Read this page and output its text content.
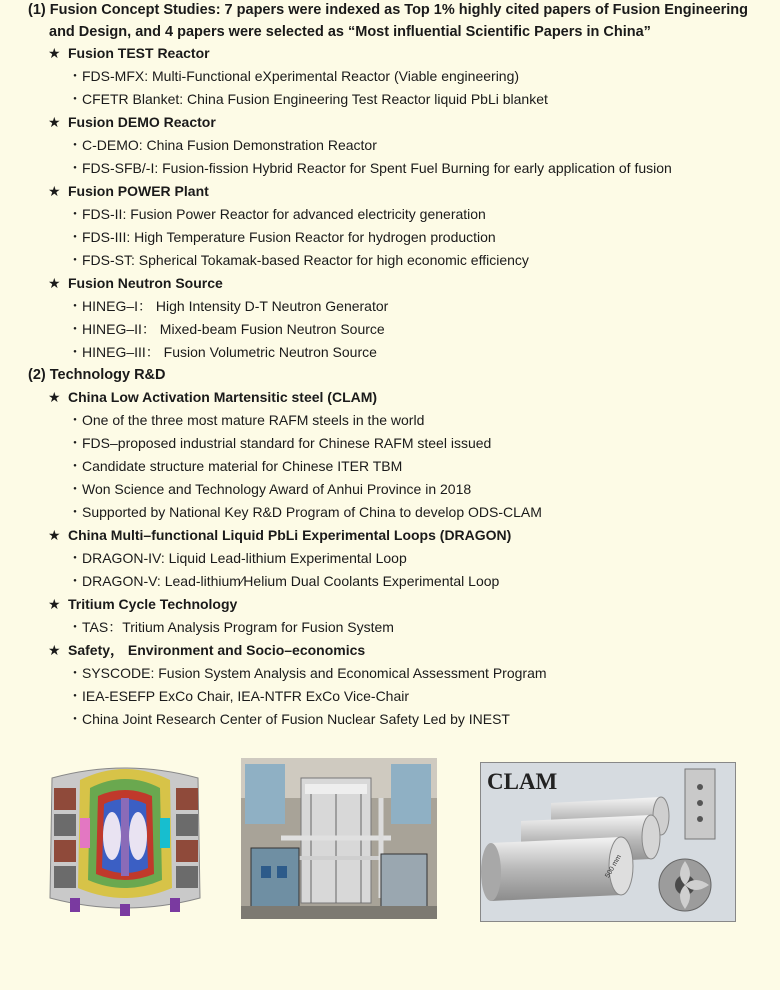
(1) Fusion Concept Studies: 7 papers were indexed as Top 1% highly cited papers of Fusion Engineering
and Design, and 4 papers were selected as “Most influential Scientific Papers in China”
★ Fusion TEST Reactor
・FDS-MFX: Multi-Functional eXperimental Reactor (Viable engineering)
・CFETR Blanket: China Fusion Engineering Test Reactor liquid PbLi blanket
★ Fusion DEMO Reactor
・C-DEMO: China Fusion Demonstration Reactor
・FDS-SFB/-I: Fusion-fission Hybrid Reactor for Spent Fuel Burning for early application of fusion
★ Fusion POWER Plant
・FDS-II: Fusion Power Reactor for advanced electricity generation
・FDS-III: High Temperature Fusion Reactor for hydrogen production
・FDS-ST: Spherical Tokamak-based Reactor for high economic efficiency
★ Fusion Neutron Source
・HINEG–I： High Intensity D-T Neutron Generator
・HINEG–II： Mixed-beam Fusion Neutron Source
・HINEG–III： Fusion Volumetric Neutron Source
(2) Technology R&D
★ China Low Activation Martensitic steel (CLAM)
・One of the three most mature RAFM steels in the world
・FDS–proposed industrial standard for Chinese RAFM steel issued
・Candidate structure material for Chinese ITER TBM
・Won Science and Technology Award of Anhui Province in 2018
・Supported by National Key R&D Program of China to develop ODS-CLAM
★ China Multi–functional Liquid PbLi Experimental Loops (DRAGON)
・DRAGON-IV: Liquid Lead-lithium Experimental Loop
・DRAGON-V: Lead-lithium∕Helium Dual Coolants Experimental Loop
★ Tritium Cycle Technology
・TAS：Tritium Analysis Program for Fusion System
★ Safety， Environment and Socio–economics
・SYSCODE: Fusion System Analysis and Economical Assessment Program
・IEA-ESEFP ExCo Chair, IEA-NTFR ExCo Vice-Chair
・China Joint Research Center of Fusion Nuclear Safety Led by INEST
CLAM
500 mm
